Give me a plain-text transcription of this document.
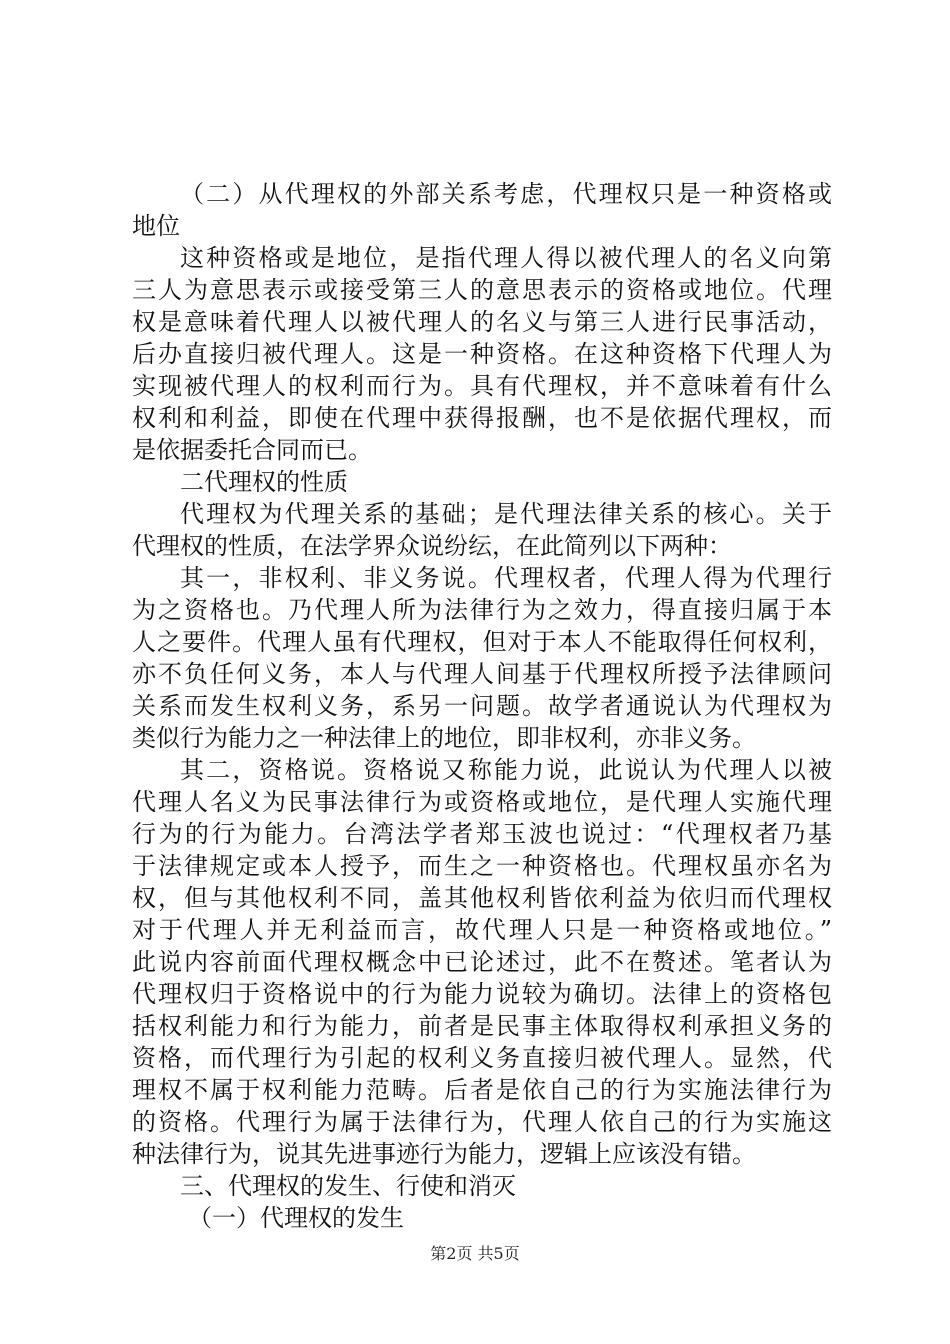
（二）从代理权的外部关系考虑，代理权只是一种资格或
地位
这种资格或是地位，是指代理人得以被代理人的名义向第
三人为意思表示或接受第三人的意思表示的资格或地位。代理
权是意味着代理人以被代理人的名义与第三人进行民事活动，
后办直接归被代理人。这是一种资格。在这种资格下代理人为
实现被代理人的权利而行为。具有代理权，并不意味着有什么
权利和利益，即使在代理中获得报酬，也不是依据代理权，而
是依据委托合同而已。
二代理权的性质
代理权为代理关系的基础；是代理法律关系的核心。关于
代理权的性质，在法学界众说纷纭，在此简列以下两种：
其一，非权利、非义务说。代理权者，代理人得为代理行
为之资格也。乃代理人所为法律行为之效力，得直接归属于本
人之要件。代理人虽有代理权，但对于本人不能取得任何权利，
亦不负任何义务，本人与代理人间基于代理权所授予法律顾问
关系而发生权利义务，系另一问题。故学者通说认为代理权为
类似行为能力之一种法律上的地位，即非权利，亦非义务。
其二，资格说。资格说又称能力说，此说认为代理人以被
代理人名义为民事法律行为或资格或地位，是代理人实施代理
行为的行为能力。台湾法学者郑玉波也说过：“代理权者乃基
于法律规定或本人授予，而生之一种资格也。代理权虽亦名为
权，但与其他权利不同，盖其他权利皆依利益为依归而代理权
对于代理人并无利益而言，故代理人只是一种资格或地位。”
此说内容前面代理权概念中已论述过，此不在赘述。笔者认为
代理权归于资格说中的行为能力说较为确切。法律上的资格包
括权利能力和行为能力，前者是民事主体取得权利承担义务的
资格，而代理行为引起的权利义务直接归被代理人。显然，代
理权不属于权利能力范畴。后者是依自己的行为实施法律行为
的资格。代理行为属于法律行为，代理人依自己的行为实施这
种法律行为，说其先进事迹行为能力，逻辑上应该没有错。
三、代理权的发生、行使和消灭
（一）代理权的发生
第2页 共5页
